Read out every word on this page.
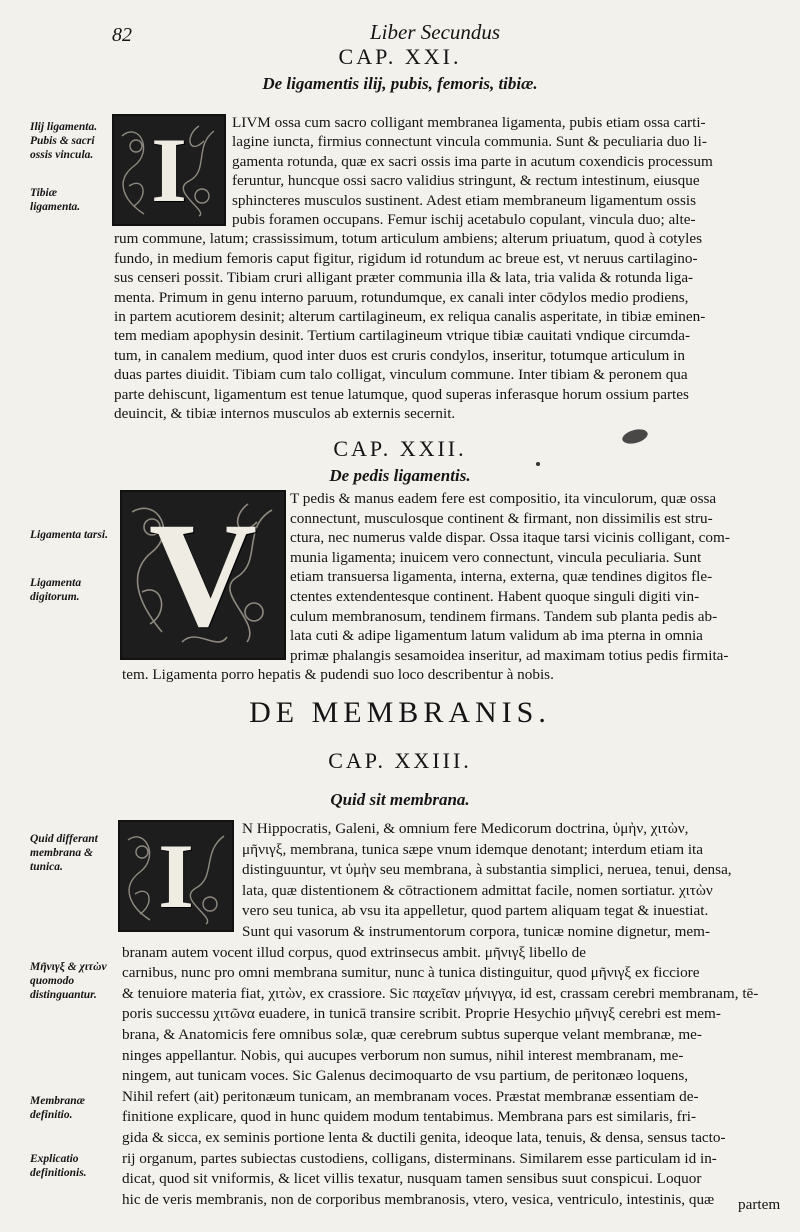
82	Liber Secundus
CAP. XXI.
De ligamentis ilij, pubis, femoris, tibiæ.
Ilij ligamenta. Pubis & sacri ossis vincula.
Tibiæ ligamenta. I	LIVM ossa cum sacro colligant membranea ligamenta, pubis etiam ossa carti-
lagine iuncta, firmius connectunt vincula communia. Sunt & peculiaria duo li-
gamenta rotunda, quæ ex sacri ossis ima parte in acutum coxendicis processum
feruntur, huncque ossi sacro validius stringunt, & rectum intestinum, eiusque
sphincteres musculos sustinent. Adest etiam membraneum ligamentum ossis
pubis foramen occupans. Femur ischij acetabulo copulant, vincula duo; alte-
rum commune, latum; crassissimum, totum articulum ambiens; alterum priuatum, quod à cotyles
fundo, in medium femoris caput figitur, rigidum id rotundum ac breue est, vt neruus cartilagino-
sus censeri possit. Tibiam cruri alligant præter communia illa & lata, tria valida & rotunda liga-
menta. Primum in genu interno paruum, rotundumque, ex canali inter cōdylos medio prodiens,
in partem acutiorem desinit; alterum cartilagineum, ex reliqua canalis asperitate, in tibiæ eminen-
tem mediam apophysin desinit. Tertium cartilagineum vtrique tibiæ cauitati vndique circumda-
tum, in canalem medium, quod inter duos est cruris condylos, inseritur, totumque articulum in
duas partes diuidit. Tibiam cum talo colligat, vinculum commune. Inter tibiam & peronem qua
parte dehiscunt, ligamentum est tenue latumque, quod superas inferasque horum ossium partes
deuincit, & tibiæ internos musculos ab externis secernit.
CAP. XXII.
De pedis ligamentis.
Ligamenta tarsi.
Ligamenta digitorum. V T pedis & manus eadem fere est compositio, ita vinculorum, quæ ossa
connectunt, musculosque continent & firmant, non dissimilis est stru-
ctura, nec numerus valde dispar. Ossa itaque tarsi vicinis colligant, com-
munia ligamenta; inuicem vero connectunt, vincula peculiaria. Sunt
etiam transuersa ligamenta, interna, externa, quæ tendines digitos fle-
ctentes extendentesque continent. Habent quoque singuli digiti vin-
culum membranosum, tendinem firmans. Tandem sub planta pedis ab-
lata cuti & adipe ligamentum latum validum ab ima pterna in omnia
primæ phalangis sesamoidea inseritur, ad maximam totius pedis firmita-
tem. Ligamenta porro hepatis & pudendi suo loco describentur à nobis.
DE MEMBRANIS.
CAP. XXIII.
Quid sit membrana.
Quid differant membrana & tunica.
Μῆνιγξ & χιτὼν quomodo distinguantur.
Membranæ definitio.
Explicatio definitionis.
I	N Hippocratis, Galeni, & omnium fere Medicorum doctrina, ὑμὴν, χιτὼν,
μῆνιγξ, membrana, tunica sæpe vnum idemque denotant; interdum etiam ita
distinguuntur, vt ὑμὴν seu membrana, à substantia simplici, neruea, tenui, densa,
lata, quæ distentionem & cōtractionem admittat facile, nomen sortiatur. χιτὼν
vero seu tunica, ab vsu ita appelletur, quod partem aliquam tegat & inuestiat.
Sunt qui vasorum & instrumentorum corpora, tunicæ nomine dignetur, mem-
branam autem vocent illud corpus, quod extrinsecus ambit. μῆνιγξ libello de
carnibus, nunc pro omni membrana sumitur, nunc à tunica distinguitur, quod μῆνιγξ ex ficciore
& tenuiore materia fiat, χιτὼν, ex crassiore. Sic παχεῖαν μήνιγγα, id est, crassam cerebri membranam, tē-
poris successu χιτῶνα euadere, in tunicā transire scribit. Proprie Hesychio μῆνιγξ cerebri est mem-
brana, & Anatomicis fere omnibus solæ, quæ cerebrum subtus superque velant membranæ, me-
ninges appellantur. Nobis, qui aucupes verborum non sumus, nihil interest membranam, me-
ningem, aut tunicam voces. Sic Galenus decimoquarto de vsu partium, de peritonæo loquens,
Nihil refert (ait) peritonæum tunicam, an membranam voces. Præstat membranæ essentiam de-
finitione explicare, quod in hunc quidem modum tentabimus. Membrana pars est similaris, fri-
gida & sicca, ex seminis portione lenta & ductili genita, ideoque lata, tenuis, & densa, sensus tacto-
rij organum, partes subiectas custodiens, colligans, disterminans. Similarem esse particulam id in-
dicat, quod sit vniformis, & licet villis texatur, nusquam tamen sensibus suut conspicui. Loquor
hic de veris membranis, non de corporibus membranosis, vtero, vesica, ventriculo, intestinis, quæ partem
